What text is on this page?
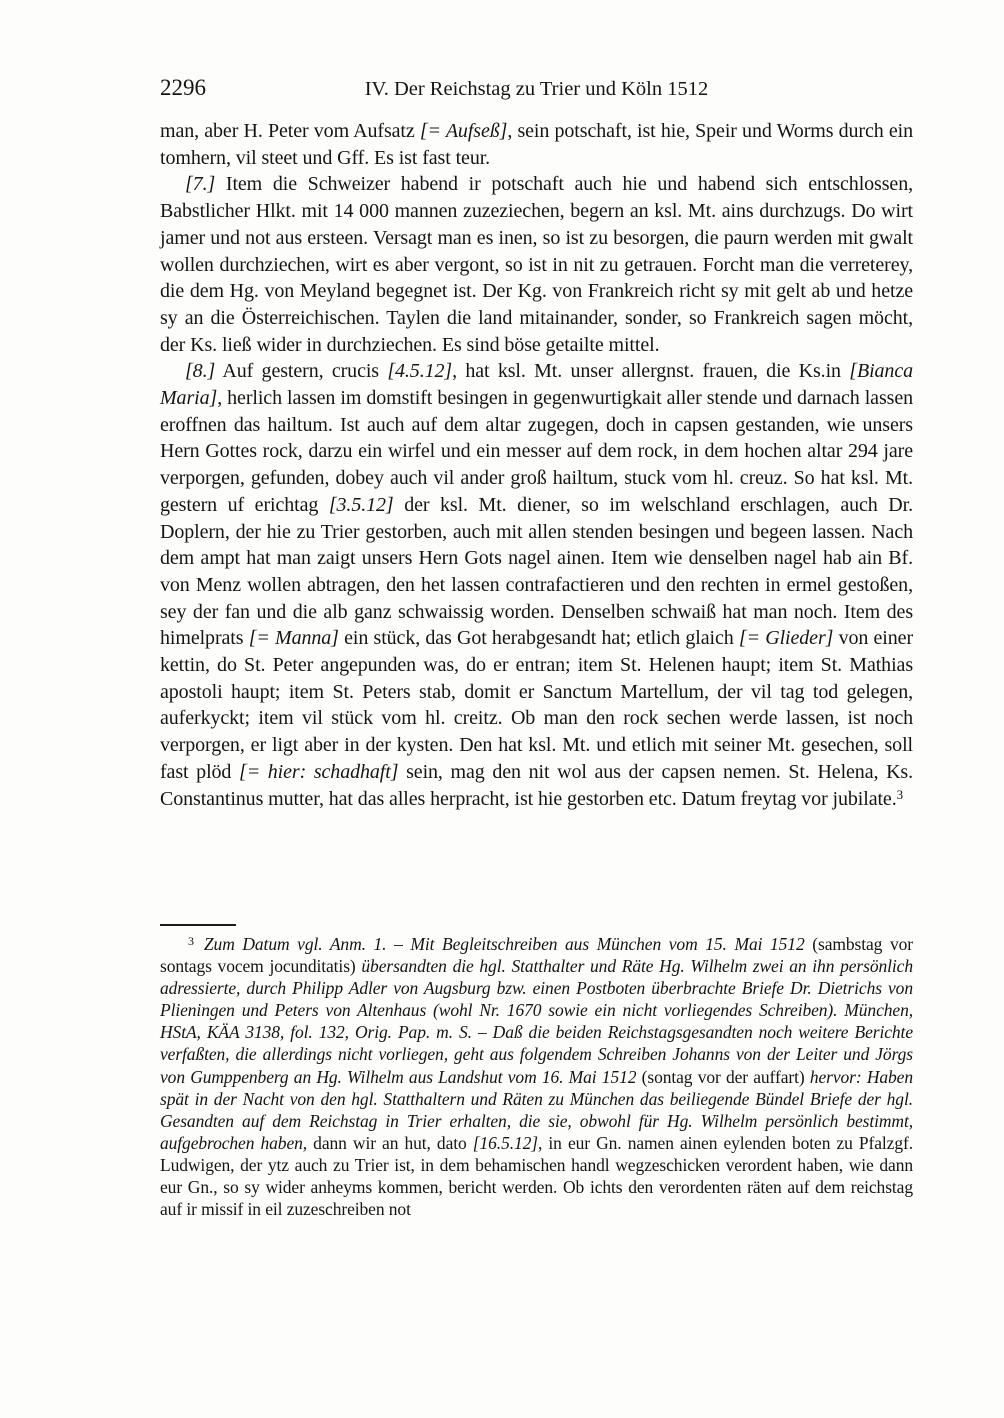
2296	IV. Der Reichstag zu Trier und Köln 1512

man, aber H. Peter vom Aufsatz [= Aufseß], sein potschaft, ist hie, Speir und Worms durch ein tomhern, vil steet und Gff. Es ist fast teur.

[7.] Item die Schweizer habend ir potschaft auch hie und habend sich entschlossen, Babstlicher Hlkt. mit 14 000 mannen zuzeziechen, begern an ksl. Mt. ains durchzugs. Do wirt jamer und not aus ersteen. Versagt man es inen, so ist zu besorgen, die paurn werden mit gwalt wollen durchziechen, wirt es aber vergont, so ist in nit zu getrauen. Forcht man die verreterey, die dem Hg. von Meyland begegnet ist. Der Kg. von Frankreich richt sy mit gelt ab und hetze sy an die Österreichischen. Taylen die land mitainander, sonder, so Frankreich sagen möcht, der Ks. ließ wider in durchziechen. Es sind böse getailte mittel.

[8.] Auf gestern, crucis [4.5.12], hat ksl. Mt. unser allergnst. frauen, die Ks.in [Bianca Maria], herlich lassen im domstift besingen in gegenwurtigkait aller stende und darnach lassen eroffnen das hailtum. Ist auch auf dem altar zugegen, doch in capsen gestanden, wie unsers Hern Gottes rock, darzu ein wirfel und ein messer auf dem rock, in dem hochen altar 294 jare verporgen, gefunden, dobey auch vil ander groß hailtum, stuck vom hl. creuz. So hat ksl. Mt. gestern uf erichtag [3.5.12] der ksl. Mt. diener, so im welschland erschlagen, auch Dr. Doplern, der hie zu Trier gestorben, auch mit allen stenden besingen und begeen lassen. Nach dem ampt hat man zaigt unsers Hern Gots nagel ainen. Item wie denselben nagel hab ain Bf. von Menz wollen abtragen, den het lassen contrafactieren und den rechten in ermel gestoßen, sey der fan und die alb ganz schwaissig worden. Denselben schwaiß hat man noch. Item des himelprats [= Manna] ein stück, das Got herabgesandt hat; etlich glaich [= Glieder] von einer kettin, do St. Peter angepunden was, do er entran; item St. Helenen haupt; item St. Mathias apostoli haupt; item St. Peters stab, domit er Sanctum Martellum, der vil tag tod gelegen, auferkyckt; item vil stück vom hl. creitz. Ob man den rock sechen werde lassen, ist noch verporgen, er ligt aber in der kysten. Den hat ksl. Mt. und etlich mit seiner Mt. gesechen, soll fast plöd [= hier: schadhaft] sein, mag den nit wol aus der capsen nemen. St. Helena, Ks. Constantinus mutter, hat das alles herpracht, ist hie gestorben etc. Datum freytag vor jubilate.$^3$

$^3$ Zum Datum vgl. Anm. 1. – Mit Begleitschreiben aus München vom 15. Mai 1512 (sambstag vor sontags vocem jocunditatis) übersandten die hgl. Statthalter und Räte Hg. Wilhelm zwei an ihn persönlich adressierte, durch Philipp Adler von Augsburg bzw. einen Postboten überbrachte Briefe Dr. Dietrichs von Plieningen und Peters von Altenhaus (wohl Nr. 1670 sowie ein nicht vorliegendes Schreiben). München, HStA, KÄA 3138, fol. 132, Orig. Pap. m. S. – Daß die beiden Reichstagsgesandten noch weitere Berichte verfaßten, die allerdings nicht vorliegen, geht aus folgendem Schreiben Johanns von der Leiter und Jörgs von Gumppenberg an Hg. Wilhelm aus Landshut vom 16. Mai 1512 (sontag vor der auffart) hervor: Haben spät in der Nacht von den hgl. Statthaltern und Räten zu München das beiliegende Bündel Briefe der hgl. Gesandten auf dem Reichstag in Trier erhalten, die sie, obwohl für Hg. Wilhelm persönlich bestimmt, aufgebrochen haben, dann wir an hut, dato [16.5.12], in eur Gn. namen ainen eylenden boten zu Pfalzgf. Ludwigen, der ytz auch zu Trier ist, in dem behamischen handl wegzeschicken verordent haben, wie dann eur Gn., so sy wider anheyms kommen, bericht werden. Ob ichts den verordenten räten auf dem reichstag auf ir missif in eil zuzeschreiben not
